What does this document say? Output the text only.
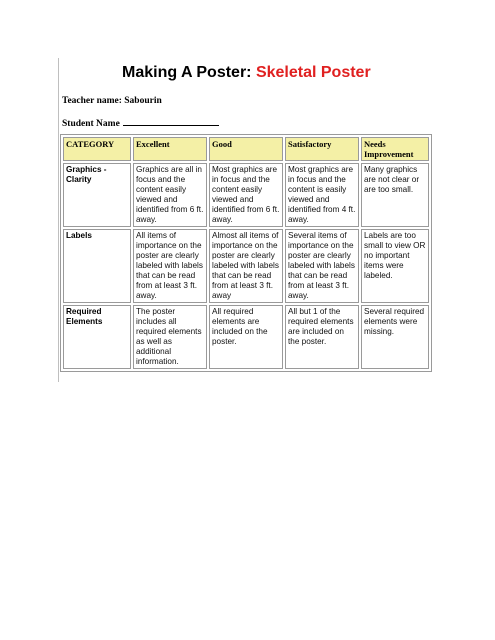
Making A Poster: Skeletal Poster
Teacher name: Sabourin
Student Name
CATEGORY	Excellent	Good	Satisfactory	Needs Improvement
Graphics - Clarity	Graphics are all in focus and the content easily viewed and identified from 6 ft. away.	Most graphics are in focus and the content easily viewed and identified from 6 ft. away.	Most graphics are in focus and the content is easily viewed and identified from 4 ft. away.	Many graphics are not clear or are too small.
Labels	All items of importance on the poster are clearly labeled with labels that can be read from at least 3 ft. away.	Almost all items of importance on the poster are clearly labeled with labels that can be read from at least 3 ft. away	Several items of importance on the poster are clearly labeled with labels that can be read from at least 3 ft. away.	Labels are too small to view OR no important items were labeled.
Required Elements	The poster includes all required elements as well as additional information.	All required elements are included on the poster.	All but 1 of the required elements are included on the poster.	Several required elements were missing.
